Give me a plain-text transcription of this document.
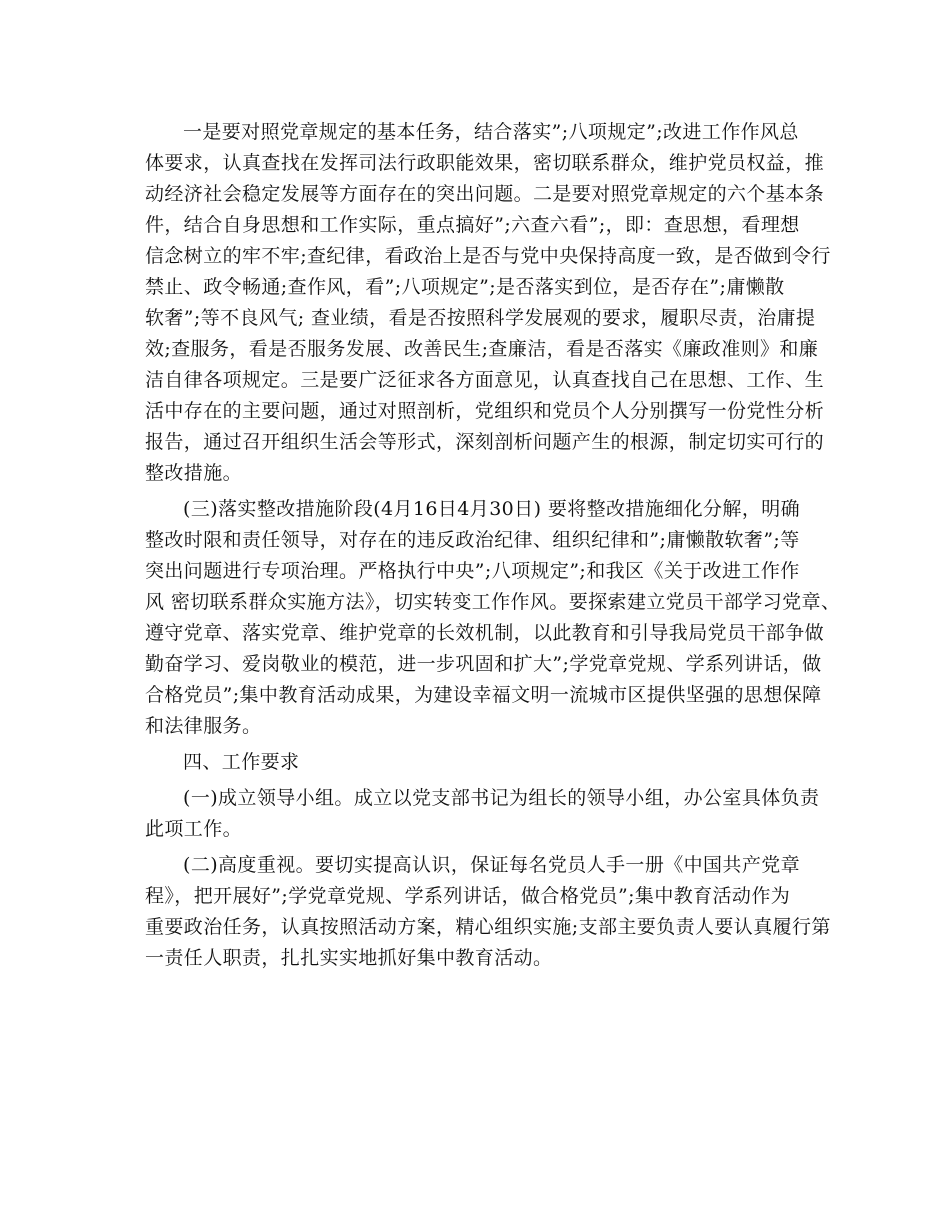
一是要对照党章规定的基本任务，结合落实”;八项规定”;改进工作作风总
体要求，认真查找在发挥司法行政职能效果，密切联系群众，维护党员权益，推
动经济社会稳定发展等方面存在的突出问题。二是要对照党章规定的六个基本条
件，结合自身思想和工作实际，重点搞好”;六查六看”;，即：查思想，看理想
信念树立的牢不牢;查纪律，看政治上是否与党中央保持高度一致，是否做到令行
禁止、政令畅通;查作风，看”;八项规定”;是否落实到位，是否存在”;庸懒散
软奢”;等不良风气; 查业绩，看是否按照科学发展观的要求，履职尽责，治庸提
效;查服务，看是否服务发展、改善民生;查廉洁，看是否落实《廉政准则》和廉
洁自律各项规定。三是要广泛征求各方面意见，认真查找自己在思想、工作、生
活中存在的主要问题，通过对照剖析，党组织和党员个人分别撰写一份党性分析
报告，通过召开组织生活会等形式，深刻剖析问题产生的根源，制定切实可行的
整改措施。
(三)落实整改措施阶段(4月16日4月30日) 要将整改措施细化分解，明确
整改时限和责任领导，对存在的违反政治纪律、组织纪律和”;庸懒散软奢”;等
突出问题进行专项治理。严格执行中央”;八项规定”;和我区《关于改进工作作
风 密切联系群众实施方法》，切实转变工作作风。要探索建立党员干部学习党章、
遵守党章、落实党章、维护党章的长效机制，以此教育和引导我局党员干部争做
勤奋学习、爱岗敬业的模范，进一步巩固和扩大”;学党章党规、学系列讲话，做
合格党员”;集中教育活动成果，为建设幸福文明一流城市区提供坚强的思想保障
和法律服务。
四、工作要求
(一)成立领导小组。成立以党支部书记为组长的领导小组，办公室具体负责
此项工作。
(二)高度重视。要切实提高认识，保证每名党员人手一册《中国共产党章
程》，把开展好”;学党章党规、学系列讲话，做合格党员”;集中教育活动作为
重要政治任务，认真按照活动方案，精心组织实施;支部主要负责人要认真履行第
一责任人职责，扎扎实实地抓好集中教育活动。
